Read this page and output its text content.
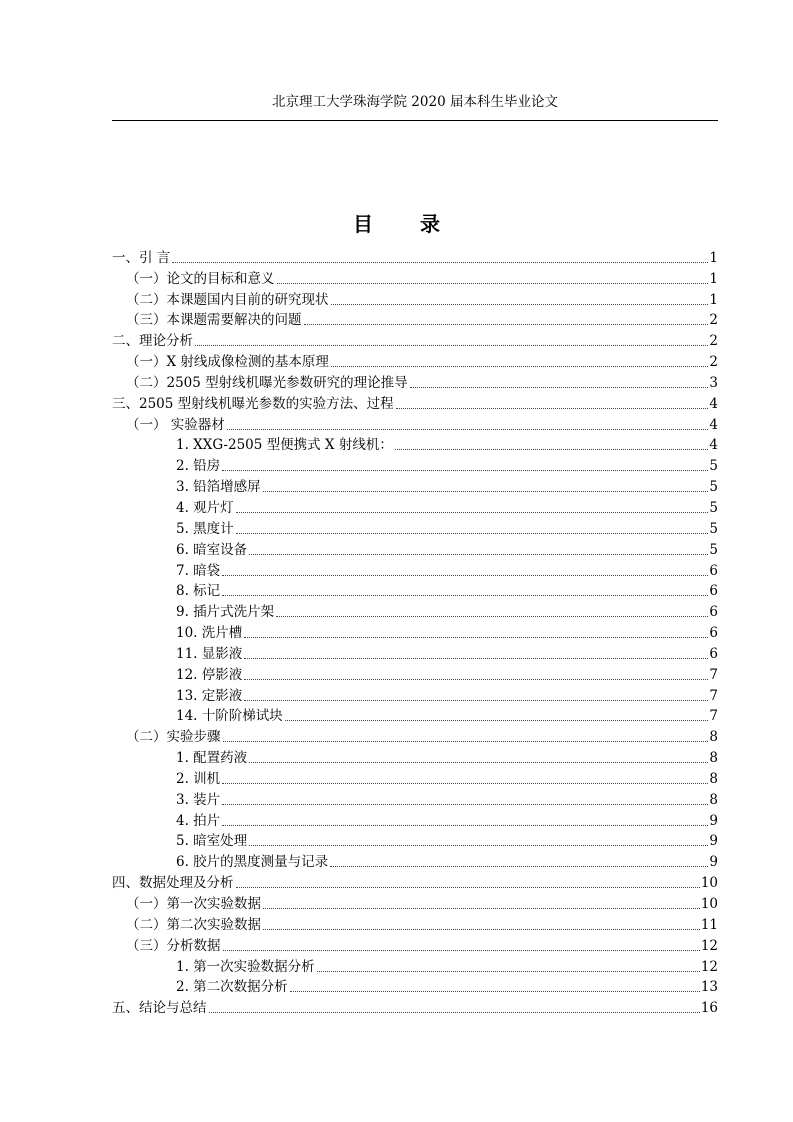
北京理工大学珠海学院 2020 届本科生毕业论文
目 录
一、引 言	1
（一）论文的目标和意义	1
（二）本课题国内目前的研究现状	1
（三）本课题需要解决的问题	2
二、理论分析	2
（一）X 射线成像检测的基本原理	2
（二）2505 型射线机曝光参数研究的理论推导	3
三、2505 型射线机曝光参数的实验方法、过程	4
（一） 实验器材	4
1. XXG-2505 型便携式 X 射线机：	4
2. 铅房	5
3. 铅箔增感屏	5
4. 观片灯	5
5. 黑度计	5
6. 暗室设备	5
7. 暗袋	6
8. 标记	6
9. 插片式洗片架	6
10. 洗片槽	6
11. 显影液	6
12. 停影液	7
13. 定影液	7
14. 十阶阶梯试块	7
（二）实验步骤	8
1. 配置药液	8
2. 训机	8
3. 装片	8
4. 拍片	9
5. 暗室处理	9
6. 胶片的黑度测量与记录	9
四、数据处理及分析	10
（一）第一次实验数据	10
（二）第二次实验数据	11
（三）分析数据	12
1. 第一次实验数据分析	12
2. 第二次数据分析	13
五、结论与总结	16
